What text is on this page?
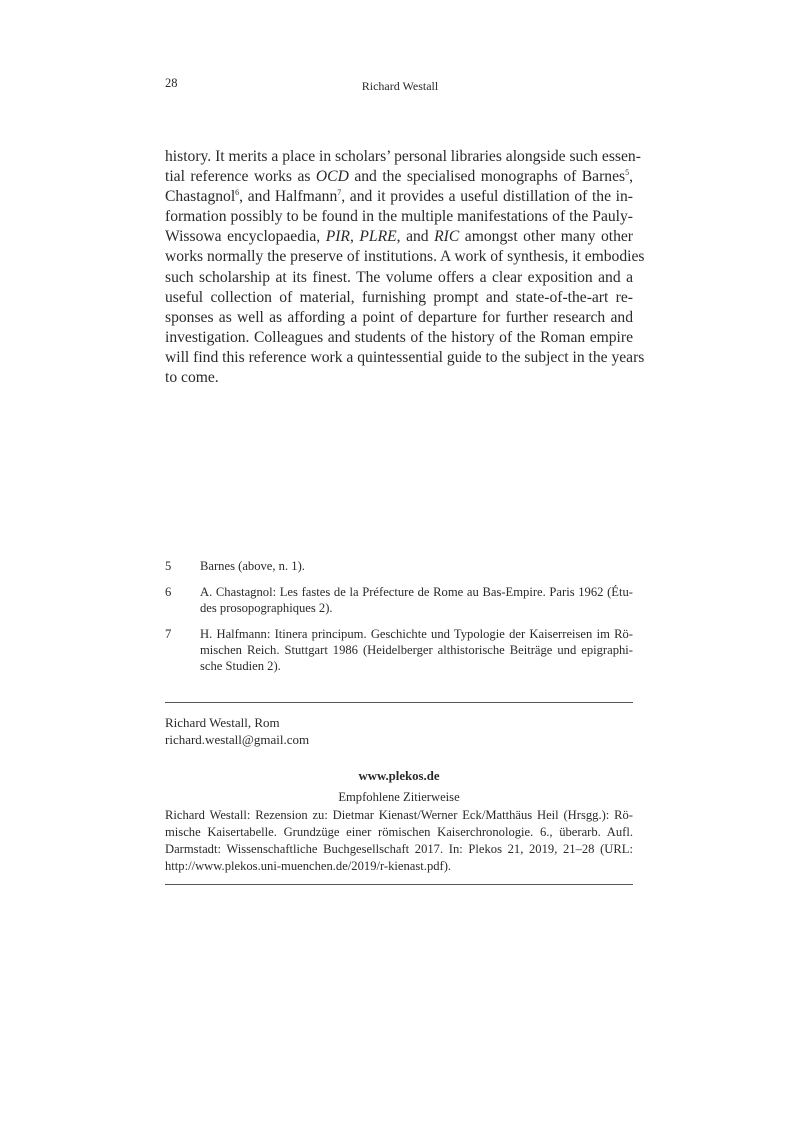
28	Richard Westall
history. It merits a place in scholars’ personal libraries alongside such essen-
tial reference works as OCD and the specialised monographs of Barnes$^5$,
Chastagnol$^6$, and Halfmann$^7$, and it provides a useful distillation of the in-
formation possibly to be found in the multiple manifestations of the Pauly-
Wissowa encyclopaedia, PIR, PLRE, and RIC amongst other many other
works normally the preserve of institutions. A work of synthesis, it embodies
such scholarship at its finest. The volume offers a clear exposition and a
useful collection of material, furnishing prompt and state-of-the-art re-
sponses as well as affording a point of departure for further research and
investigation. Colleagues and students of the history of the Roman empire
will find this reference work a quintessential guide to the subject in the years
to come.
5 Barnes (above, n. 1).
6 A. Chastagnol: Les fastes de la Préfecture de Rome au Bas-Empire. Paris 1962 (Étu-
des prosopographiques 2).
7 H. Halfmann: Itinera principum. Geschichte und Typologie der Kaiserreisen im Rö-
mischen Reich. Stuttgart 1986 (Heidelberger althistorische Beiträge und epigraphi-
sche Studien 2).
Richard Westall, Rom
richard.westall@gmail.com
www.plekos.de
Empfohlene Zitierweise
Richard Westall: Rezension zu: Dietmar Kienast/Werner Eck/Matthäus Heil (Hrsgg.): Rö-
mische Kaisertabelle. Grundzüge einer römischen Kaiserchronologie. 6., überarb. Aufl.
Darmstadt: Wissenschaftliche Buchgesellschaft 2017. In: Plekos 21, 2019, 21–28 (URL:
http://www.plekos.uni-muenchen.de/2019/r-kienast.pdf).
